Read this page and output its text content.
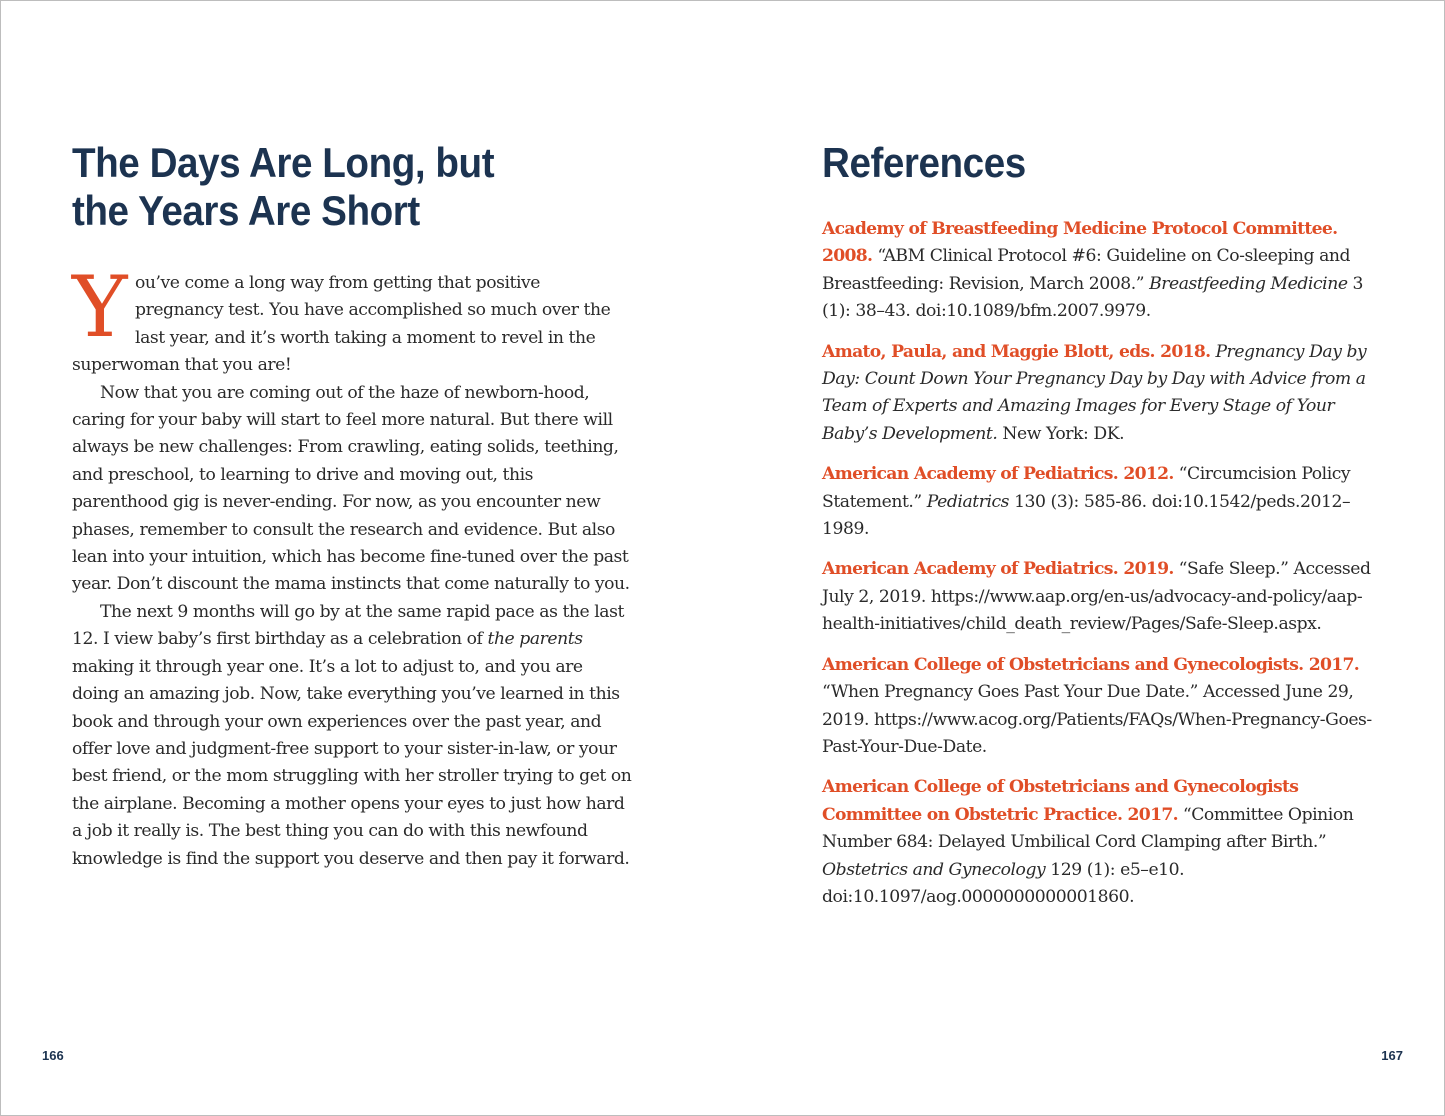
The Days Are Long, but
the Years Are Short

You’ve come a long way from getting that positive pregnancy test. You have accomplished so much over the last year, and it’s worth taking a moment to revel in the superwoman that you are!

Now that you are coming out of the haze of newborn-hood, caring for your baby will start to feel more natural. But there will always be new challenges: From crawling, eating solids, teething, and preschool, to learning to drive and moving out, this parenthood gig is never-ending. For now, as you encounter new phases, remember to consult the research and evidence. But also lean into your intuition, which has become fine-tuned over the past year. Don’t discount the mama instincts that come naturally to you.

The next 9 months will go by at the same rapid pace as the last 12. I view baby’s first birthday as a celebration of the parents making it through year one. It’s a lot to adjust to, and you are doing an amazing job. Now, take everything you’ve learned in this book and through your own experiences over the past year, and offer love and judgment-free support to your sister-in-law, or your best friend, or the mom struggling with her stroller trying to get on the airplane. Becoming a mother opens your eyes to just how hard a job it really is. The best thing you can do with this newfound knowledge is find the support you deserve and then pay it forward.

166
References

Academy of Breastfeeding Medicine Protocol Committee. 2008. “ABM Clinical Protocol #6: Guideline on Co-sleeping and Breastfeeding: Revision, March 2008.” Breastfeeding Medicine 3 (1): 38–43. doi:10.1089/bfm.2007.9979.

Amato, Paula, and Maggie Blott, eds. 2018. Pregnancy Day by Day: Count Down Your Pregnancy Day by Day with Advice from a Team of Experts and Amazing Images for Every Stage of Your Baby’s Development. New York: DK.

American Academy of Pediatrics. 2012. “Circumcision Policy Statement.” Pediatrics 130 (3): 585-86. doi:10.1542/peds.2012–1989.

American Academy of Pediatrics. 2019. “Safe Sleep.” Accessed July 2, 2019. https://www.aap.org/en-us/advocacy-and-policy/aap-health-initiatives/child_death_review/Pages/Safe-Sleep.aspx.

American College of Obstetricians and Gynecologists. 2017. “When Pregnancy Goes Past Your Due Date.” Accessed June 29, 2019. https://www.acog.org/Patients/FAQs/When-Pregnancy-Goes-Past-Your-Due-Date.

American College of Obstetricians and Gynecologists Committee on Obstetric Practice. 2017. “Committee Opinion Number 684: Delayed Umbilical Cord Clamping after Birth.” Obstetrics and Gynecology 129 (1): e5–e10. doi:10.1097/aog.0000000000001860.

167
